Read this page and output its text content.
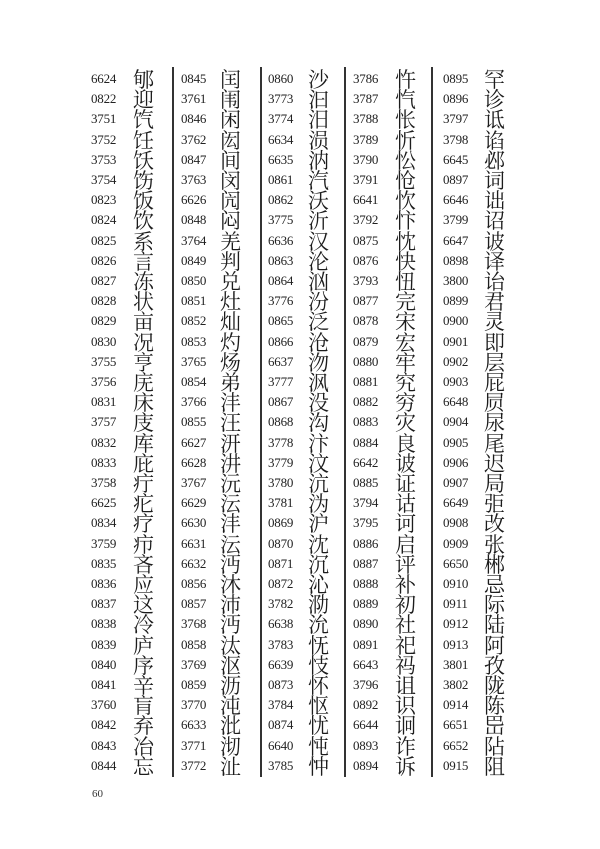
6624 郇
0822 迎
3751 饩
3752 饪
3753 饫
3754 饬
0823 饭
0824 饮
0825 系
0826 言
0827 冻
0828 状
0829 亩
0830 况
3755 亨
3756 庑
0831 床
3757 庋
0832 库
0833 庇
3758 疔
6625 疕
0834 疗
3759 疖
0835 吝
0836 应
0837 这
0838 冷
0839 庐
0840 序
0841 辛
3760 肓
0842 弃
0843 冶
0844 忘
0845 闰
3761 闱
0846 闲
3762 闳
0847 间
3763 闵
6626 闶
0848 闷
3764 羌
0849 判
0850 兑
0851 灶
0852 灿
0853 灼
3765 炀
0854 弟
3766 沣
0855 汪
6627 汧
6628 汫
3767 沅
6629 沄
6630 沣
6631 沄
6632 沔
0856 沐
0857 沛
3768 沔
0858 汰
3769 沤
0859 沥
3770 沌
6633 沘
3771 沏
3772 沚
0860 沙
3773 汩
3774 汨
6634 涢
6635 汭
0861 汽
0862 沃
3775 沂
6636 汉
0863 沦
0864 汹
3776 汾
0865 泛
0866 沧
6637 沕
3777 沨
0867 没
0868 沟
3778 汴
3779 汶
3780 沆
3781 沩
0869 沪
0870 沈
0871 沉
0872 沁
3782 泐
6638 沇
3783 怃
6639 忮
0873 怀
3784 怄
0874 忧
6640 忳
3785 忡
3786 忤
3787 忾
3788 怅
3789 忻
3790 忪
3791 怆
6641 忺
3792 忭
0875 忱
0876 快
3793 忸
0877 完
0878 宋
0879 宏
0880 牢
0881 究
0882 穷
0883 灾
0884 良
6642 诐
0885 证
3794 诂
3795 诃
0886 启
0887 评
0888 补
0889 初
0890 社
0891 祀
6643 祃
3796 诅
0892 识
6644 诇
0893 诈
0894 诉
0895 罕
0896 诊
3797 诋
3798 谄
6645 邲
0897 词
6646 诎
3799 诏
6647 诐
0898 译
3800 诒
0899 君
0900 灵
0901 即
0902 层
0903 屁
6648 屃
0904 尿
0905 尾
0906 迟
0907 局
6649 弡
0908 改
0909 张
6650 郴
0910 忌
0911 际
0912 陆
0913 阿
3801 孜
3802 陇
0914 陈
6651 岊
6652 阽
0915 阻
60
